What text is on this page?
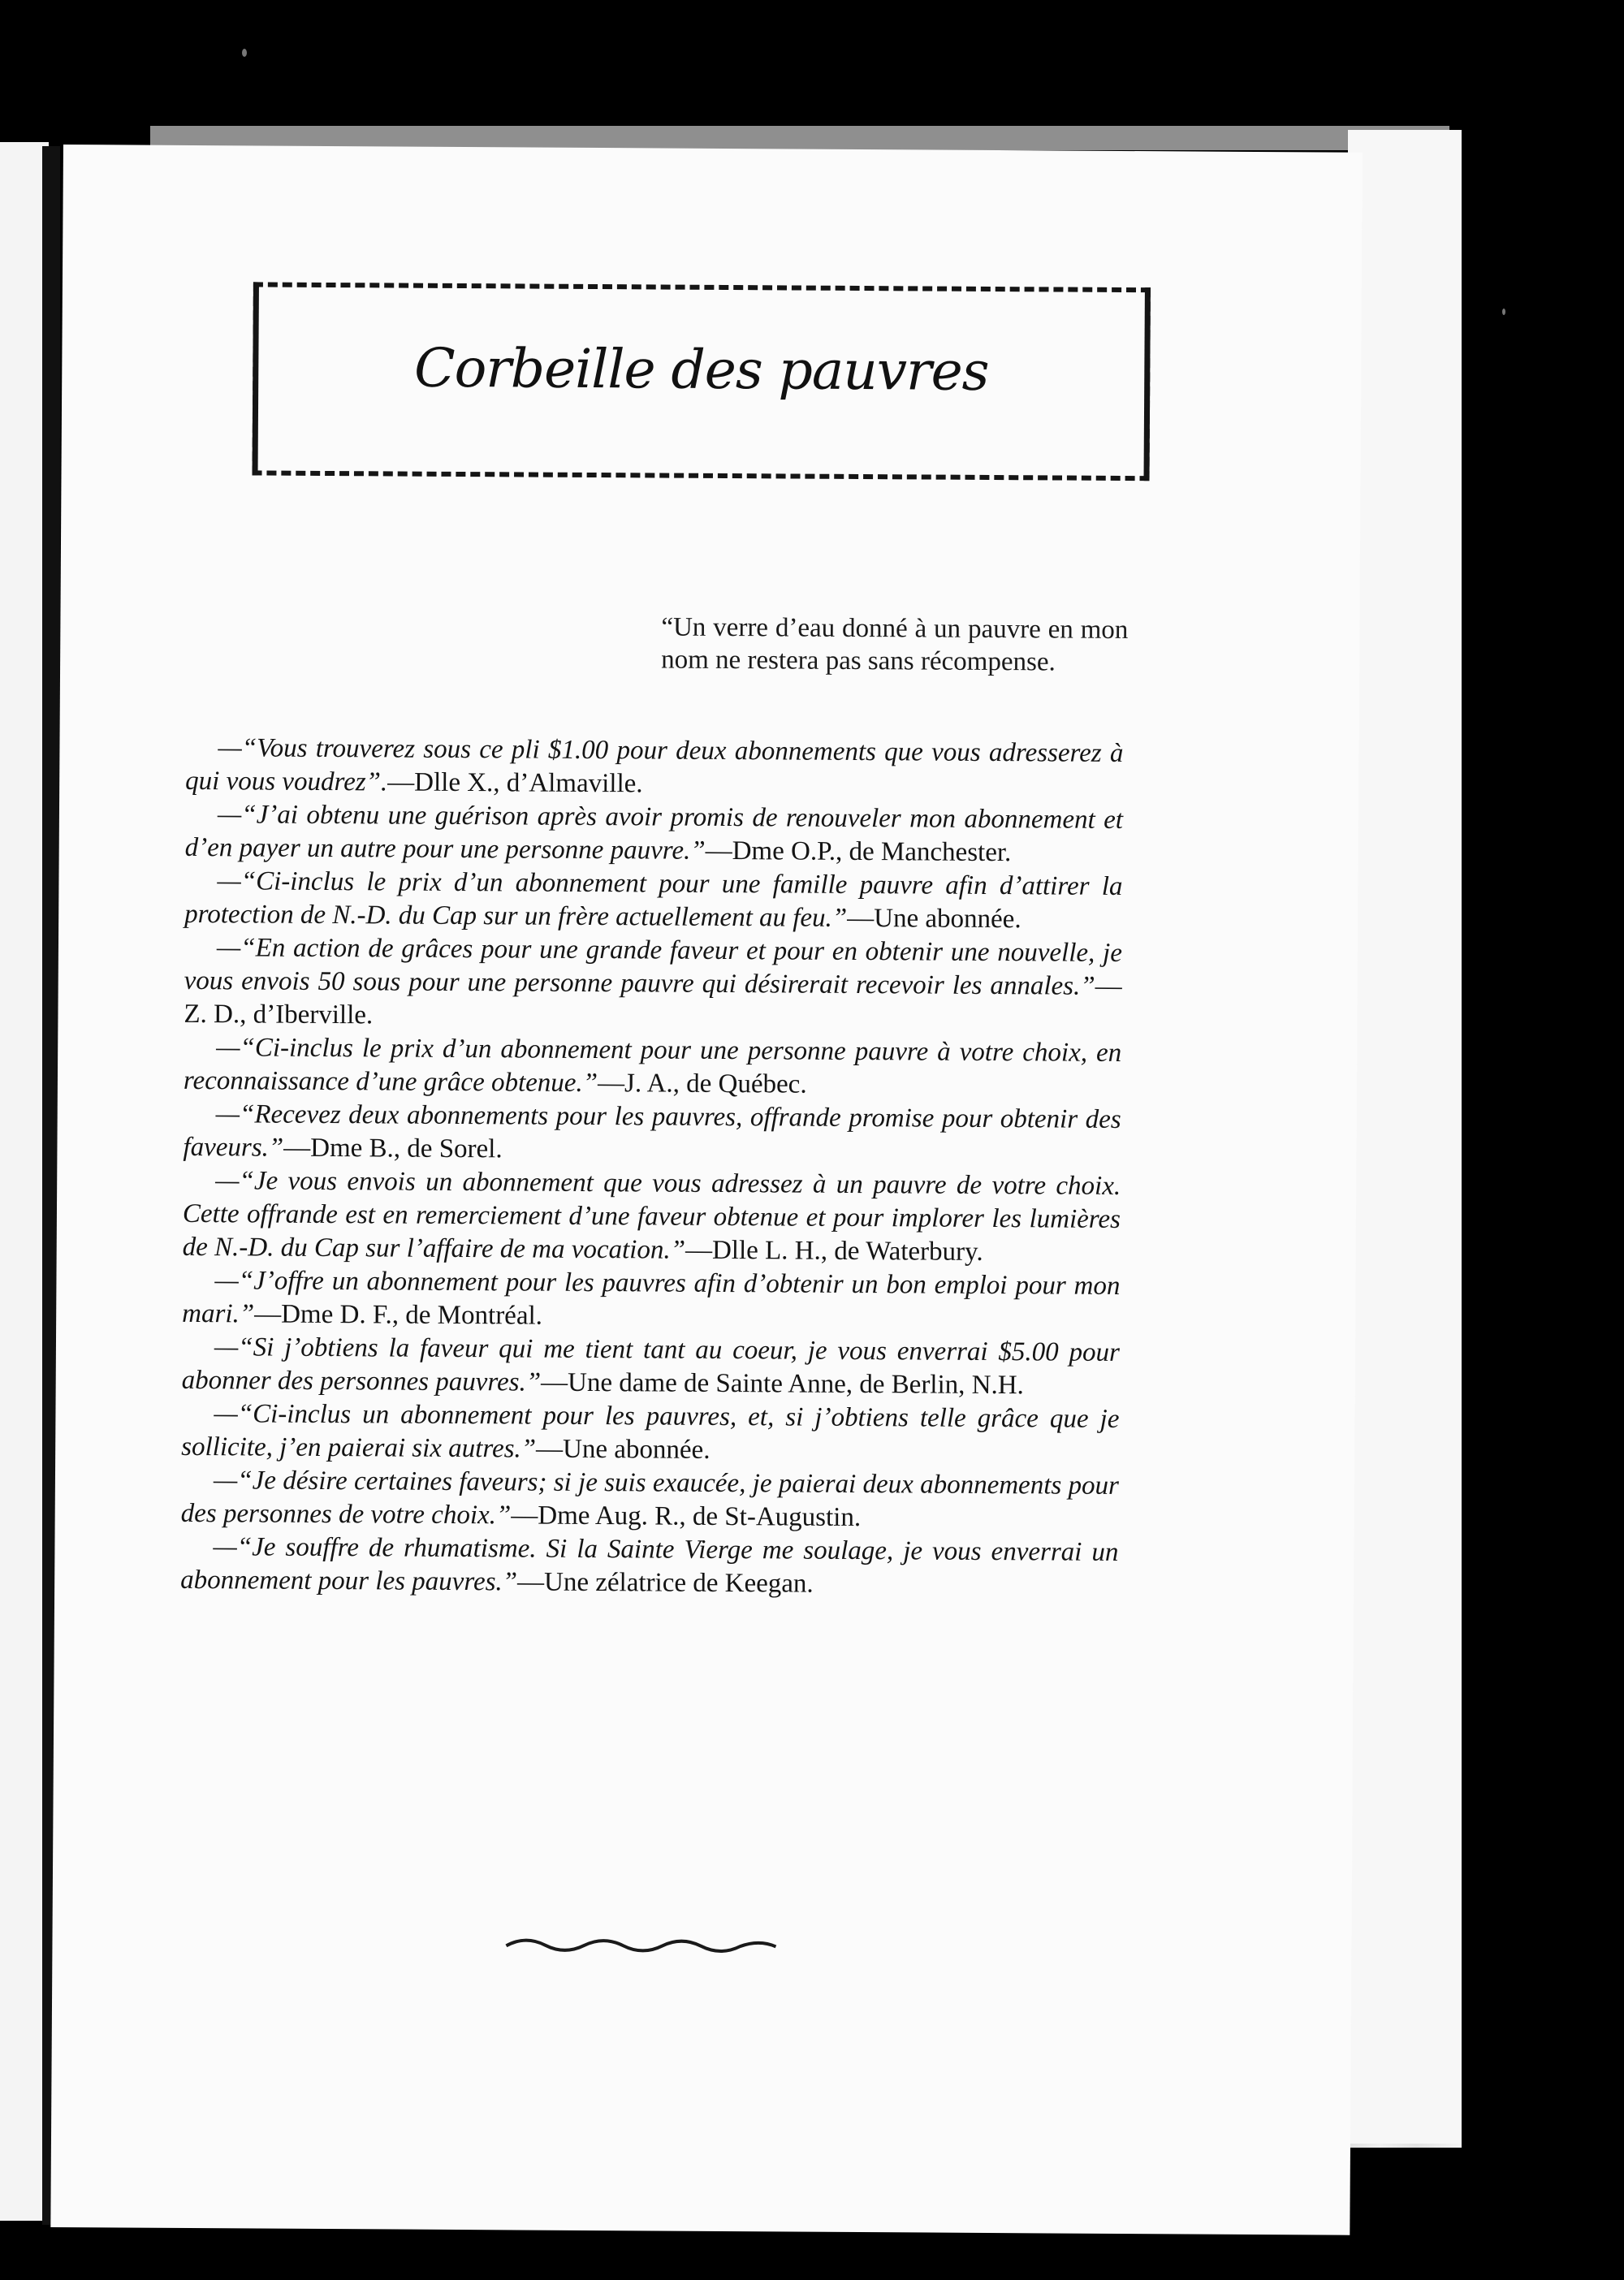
Corbeille des pauvres
“Un verre d’eau donné à un pauvre en mon nom ne restera pas sans récompense.

—“Vous trouverez sous ce pli $1.00 pour deux abonnements que vous adresserez à qui vous voudrez”.—Dlle X., d’Almaville.

—“J’ai obtenu une guérison après avoir promis de renouveler mon abonnement et d’en payer un autre pour une personne pauvre.”—Dme O.P., de Manchester.

—“Ci-inclus le prix d’un abonnement pour une famille pauvre afin d’attirer la protection de N.-D. du Cap sur un frère actuellement au feu.”—Une abonnée.

—“En action de grâces pour une grande faveur et pour en obtenir une nouvelle, je vous envois 50 sous pour une personne pauvre qui désirerait recevoir les annales.”—Z. D., d’Iberville.

—“Ci-inclus le prix d’un abonnement pour une personne pauvre à votre choix, en reconnaissance d’une grâce obtenue.”—J. A., de Québec.

—“Recevez deux abonnements pour les pauvres, offrande promise pour obtenir des faveurs.”—Dme B., de Sorel.

—“Je vous envois un abonnement que vous adressez à un pauvre de votre choix. Cette offrande est en remerciement d’une faveur obtenue et pour implorer les lumières de N.-D. du Cap sur l’affaire de ma vocation.”—Dlle L. H., de Waterbury.

—“J’offre un abonnement pour les pauvres afin d’obtenir un bon emploi pour mon mari.”—Dme D. F., de Montréal.

—“Si j’obtiens la faveur qui me tient tant au coeur, je vous enverrai $5.00 pour abonner des personnes pauvres.”—Une dame de Sainte Anne, de Berlin, N.H.

—“Ci-inclus un abonnement pour les pauvres, et, si j’obtiens telle grâce que je sollicite, j’en paierai six autres.”—Une abonnée.

—“Je désire certaines faveurs; si je suis exaucée, je paierai deux abonnements pour des personnes de votre choix.”—Dme Aug. R., de St-Augustin.

—“Je souffre de rhumatisme. Si la Sainte Vierge me soulage, je vous enverrai un abonnement pour les pauvres.”—Une zélatrice de Keegan.
